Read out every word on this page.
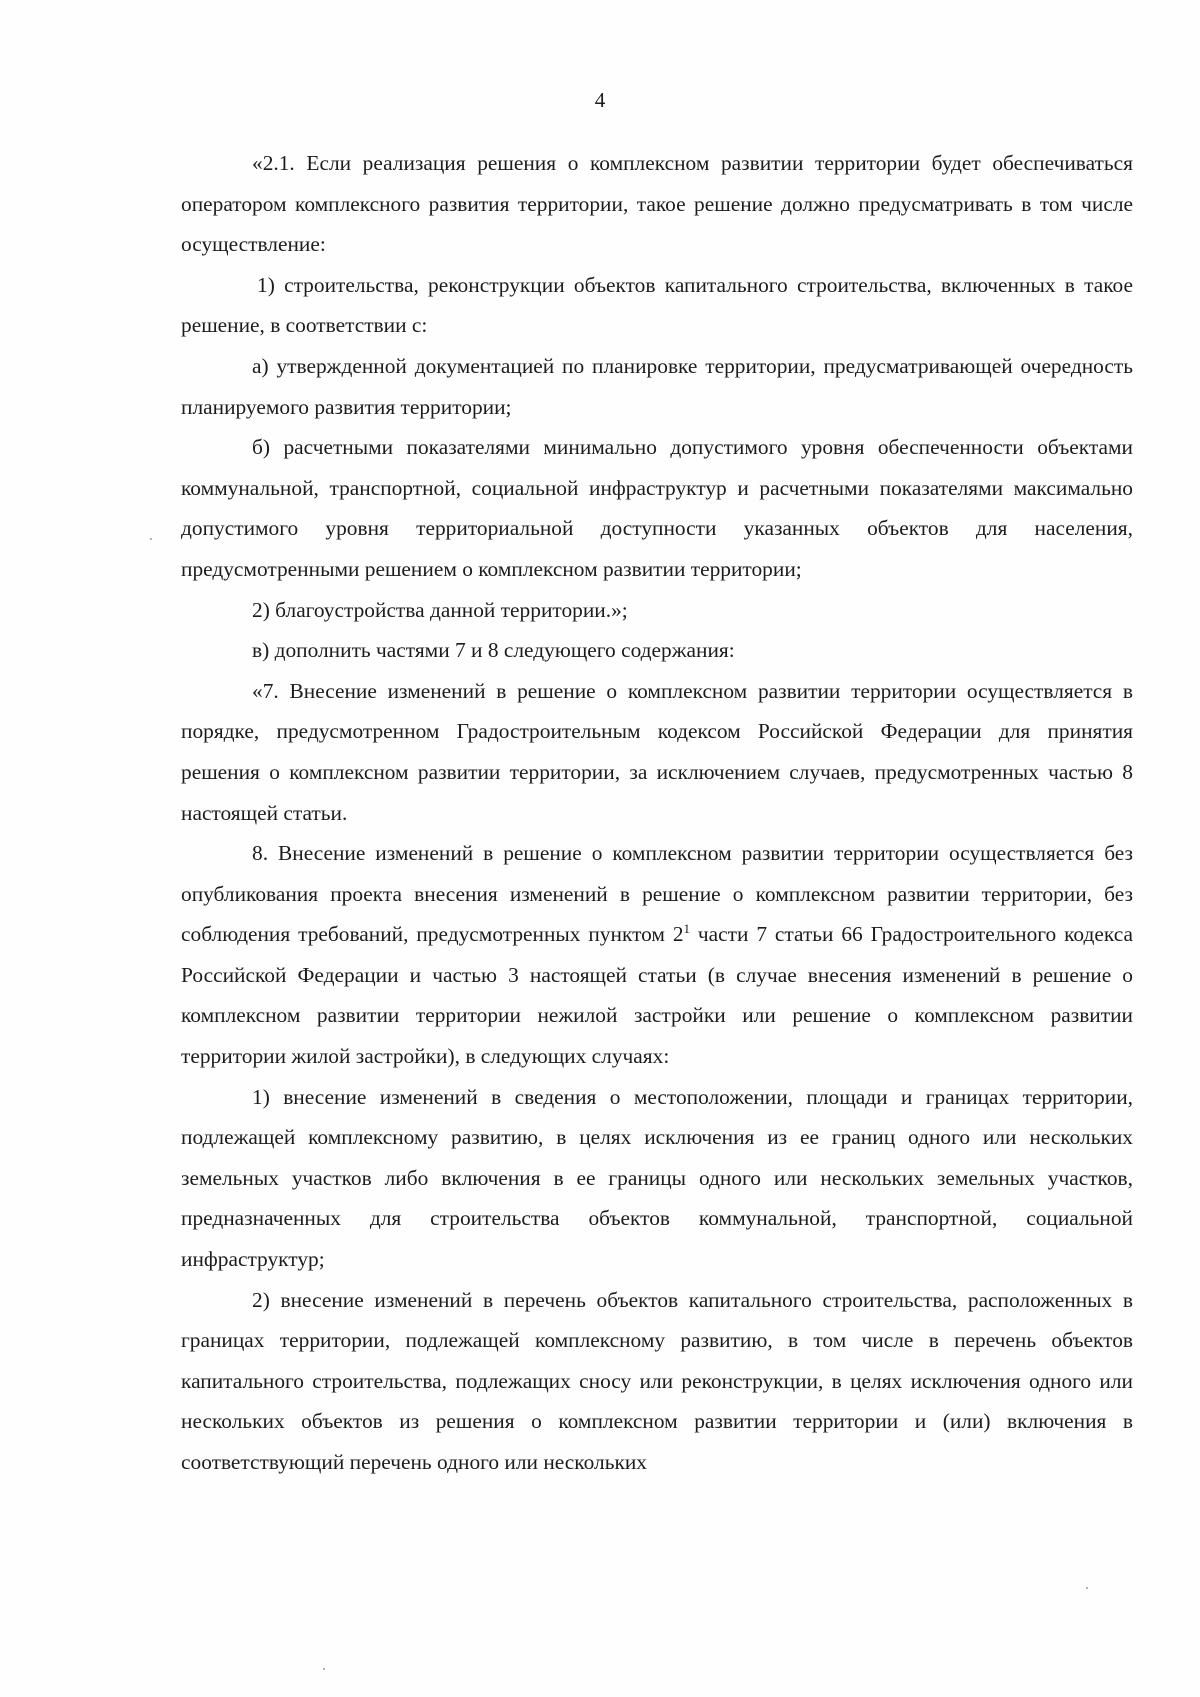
4

«2.1. Если реализация решения о комплексном развитии территории будет обеспечиваться оператором комплексного развития территории, такое решение должно предусматривать в том числе осуществление:

1) строительства, реконструкции объектов капитального строительства, включенных в такое решение, в соответствии с:

а) утвержденной документацией по планировке территории, предусматривающей очередность планируемого развития территории;

б) расчетными показателями минимально допустимого уровня обеспеченности объектами коммунальной, транспортной, социальной инфраструктур и расчетными показателями максимально допустимого уровня территориальной доступности указанных объектов для населения, предусмотренными решением о комплексном развитии территории;

2) благоустройства данной территории.»;

в) дополнить частями 7 и 8 следующего содержания:

«7. Внесение изменений в решение о комплексном развитии территории осуществляется в порядке, предусмотренном Градостроительным кодексом Российской Федерации для принятия решения о комплексном развитии территории, за исключением случаев, предусмотренных частью 8 настоящей статьи.

8. Внесение изменений в решение о комплексном развитии территории осуществляется без опубликования проекта внесения изменений в решение о комплексном развитии территории, без соблюдения требований, предусмотренных пунктом $2^1$ части 7 статьи 66 Градостроительного кодекса Российской Федерации и частью 3 настоящей статьи (в случае внесения изменений в решение о комплексном развитии территории нежилой застройки или решение о комплексном развитии территории жилой застройки), в следующих случаях:

1) внесение изменений в сведения о местоположении, площади и границах территории, подлежащей комплексному развитию, в целях исключения из ее границ одного или нескольких земельных участков либо включения в ее границы одного или нескольких земельных участков, предназначенных для строительства объектов коммунальной, транспортной, социальной инфраструктур;

2) внесение изменений в перечень объектов капитального строительства, расположенных в границах территории, подлежащей комплексному развитию, в том числе в перечень объектов капитального строительства, подлежащих сносу или реконструкции, в целях исключения одного или нескольких объектов из решения о комплексном развитии территории и (или) включения в соответствующий перечень одного или нескольких
